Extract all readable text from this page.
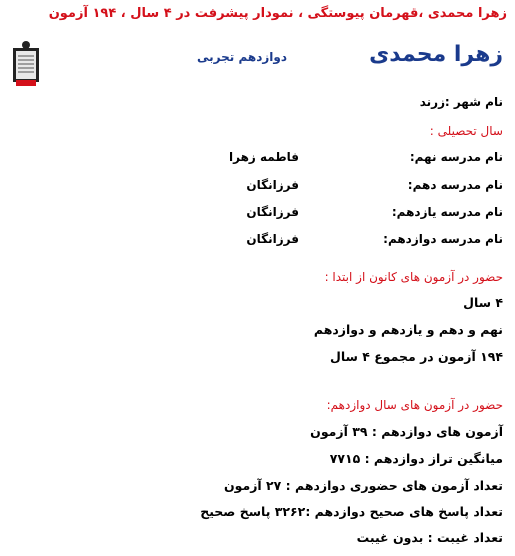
زهرا محمدی ،قهرمان پیوستگی ، نمودار پیشرفت در ۴ سال ، ۱۹۴ آزمون
زهرا محمدی
دوازدهم تجربی
نام شهر :
زرند
سال تحصیلی :
نام مدرسه نهم:
فاطمه زهرا
نام مدرسه دهم:
فرزانگان
نام مدرسه یازدهم:
فرزانگان
نام مدرسه دوازدهم:
فرزانگان
حضور در آزمون های کانون از ابتدا :
۴ سال
نهم و دهم و یازدهم و دوازدهم
۱۹۴ آزمون در مجموع ۴ سال
حضور در آزمون های سال دوازدهم:
آزمون های دوازدهم : ۳۹ آزمون
میانگین تراز دوازدهم : ۷۷۱۵
تعداد آزمون های حضوری دوازدهم : ۲۷ آزمون
تعداد پاسخ های صحیح دوازدهم :۳۲۶۲ پاسخ صحیح
تعداد غیبت : بدون غیبت
